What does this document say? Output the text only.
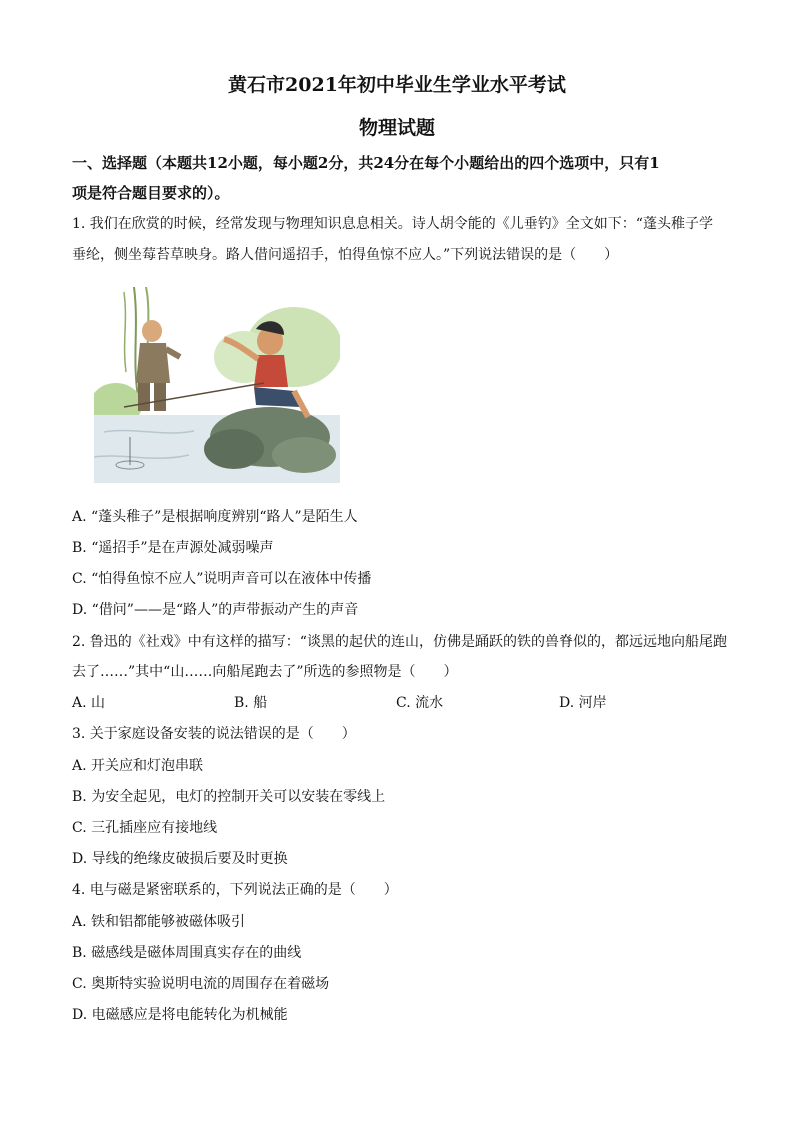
黄石市2021年初中毕业生学业水平考试
物理试题
一、选择题（本题共12小题，每小题2分，共24分在每个小题给出的四个选项中，只有1
项是符合题目要求的）。
1. 我们在欣赏的时候，经常发现与物理知识息息相关。诗人胡令能的《儿垂钓》全文如下：“蓬头稚子学
垂纶，侧坐莓苔草映身。路人借问遥招手，怕得鱼惊不应人。”下列说法错误的是（　　）
A. “蓬头稚子”是根据响度辨别“路人”是陌生人
B. “遥招手”是在声源处减弱噪声
C. “怕得鱼惊不应人”说明声音可以在液体中传播
D. “借问”——是“路人”的声带振动产生的声音
2. 鲁迅的《社戏》中有这样的描写：“谈黑的起伏的连山，仿佛是踊跃的铁的兽脊似的，都远远地向船尾跑
去了……”其中“山……向船尾跑去了”所选的参照物是（　　）
A. 山	B. 船	C. 流水	D. 河岸
3. 关于家庭设备安装的说法错误的是（　　）
A. 开关应和灯泡串联
B. 为安全起见，电灯的控制开关可以安装在零线上
C. 三孔插座应有接地线
D. 导线的绝缘皮破损后要及时更换
4. 电与磁是紧密联系的，下列说法正确的是（　　）
A. 铁和铝都能够被磁体吸引
B. 磁感线是磁体周围真实存在的曲线
C. 奥斯特实验说明电流的周围存在着磁场
D. 电磁感应是将电能转化为机械能
